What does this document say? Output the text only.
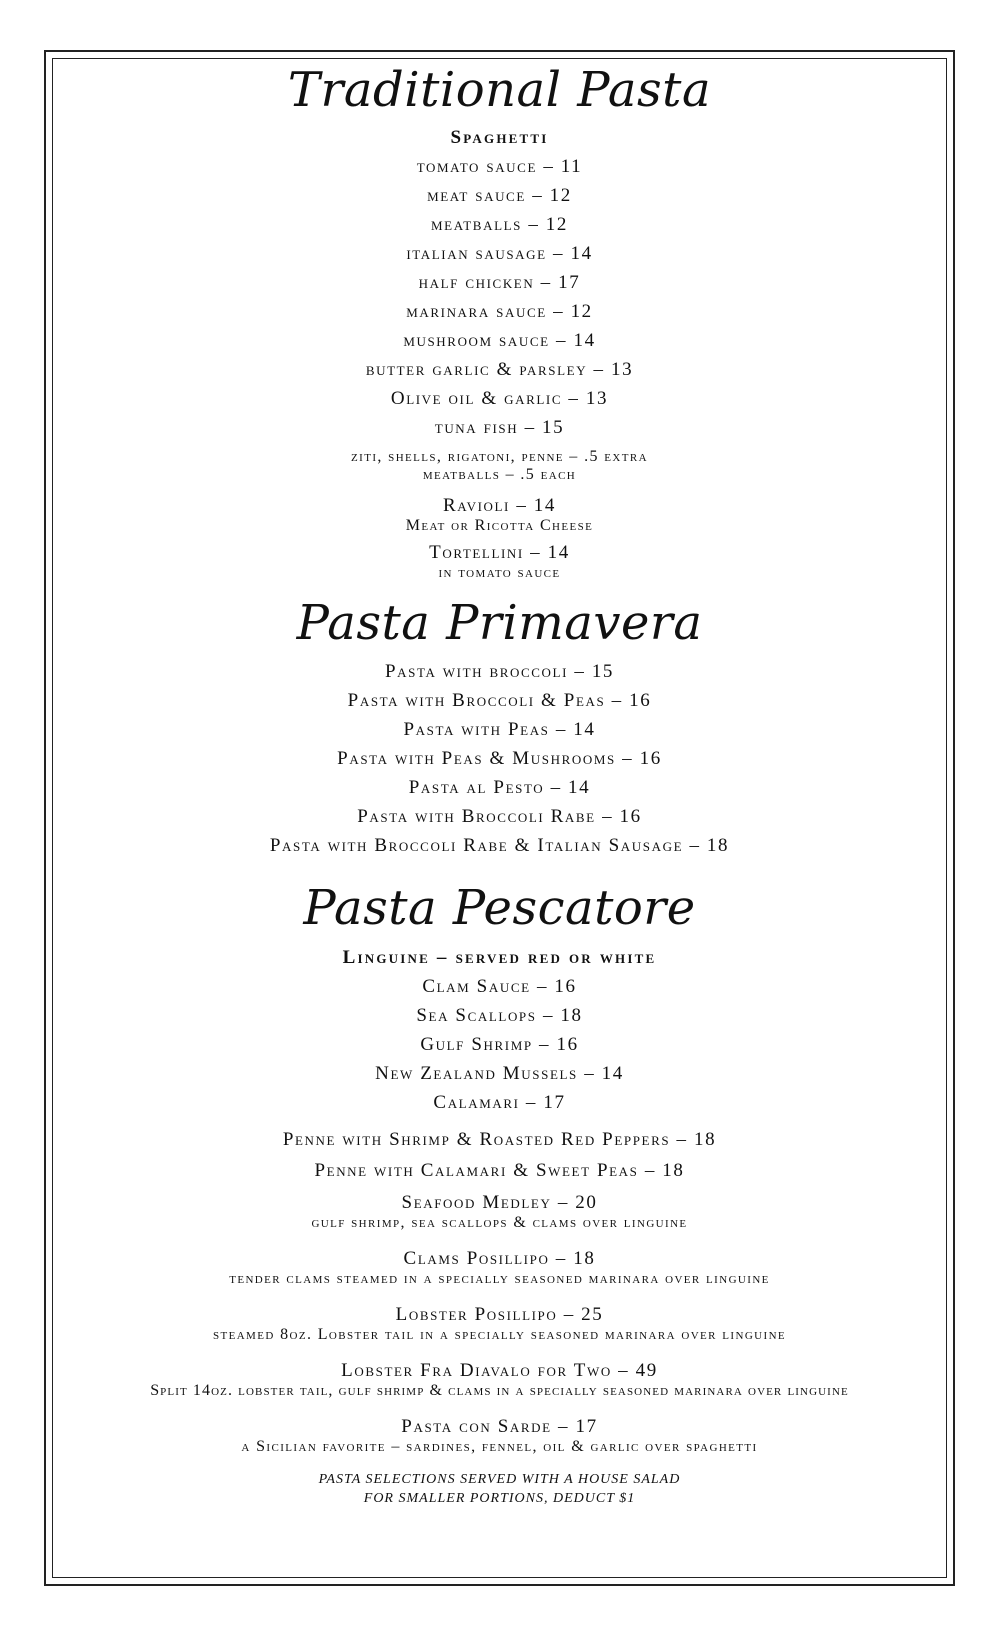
Traditional Pasta
Spaghetti
tomato sauce – 11
meat sauce – 12
meatballs – 12
italian sausage – 14
half chicken – 17
marinara sauce – 12
mushroom sauce – 14
butter garlic & parsley – 13
Olive oil & garlic – 13
tuna fish – 15
ziti, shells, rigatoni, penne – .5 extra
meatballs – .5 each
Ravioli – 14
Meat or Ricotta Cheese
Tortellini – 14
in tomato sauce
Pasta Primavera
Pasta with broccoli – 15
Pasta with Broccoli & Peas – 16
Pasta with Peas – 14
Pasta with Peas & Mushrooms – 16
Pasta al Pesto – 14
Pasta with Broccoli Rabe – 16
Pasta with Broccoli Rabe & Italian Sausage – 18
Pasta Pescatore
Linguine – served red or white
Clam Sauce – 16
Sea Scallops – 18
Gulf Shrimp – 16
New Zealand Mussels – 14
Calamari – 17
Penne with Shrimp & Roasted Red Peppers – 18
Penne with Calamari & Sweet Peas – 18
Seafood Medley – 20
gulf shrimp, sea scallops & clams over linguine
Clams Posillipo – 18
tender clams steamed in a specially seasoned marinara over linguine
Lobster Posillipo – 25
steamed 8oz. Lobster tail in a specially seasoned marinara over linguine
Lobster Fra Diavalo for Two – 49
Split 14oz. lobster tail, gulf shrimp & clams in a specially seasoned marinara over linguine
Pasta con Sarde – 17
a Sicilian favorite – sardines, fennel, oil & garlic over spaghetti
PASTA SELECTIONS SERVED WITH A HOUSE SALAD
FOR SMALLER PORTIONS, DEDUCT $1
